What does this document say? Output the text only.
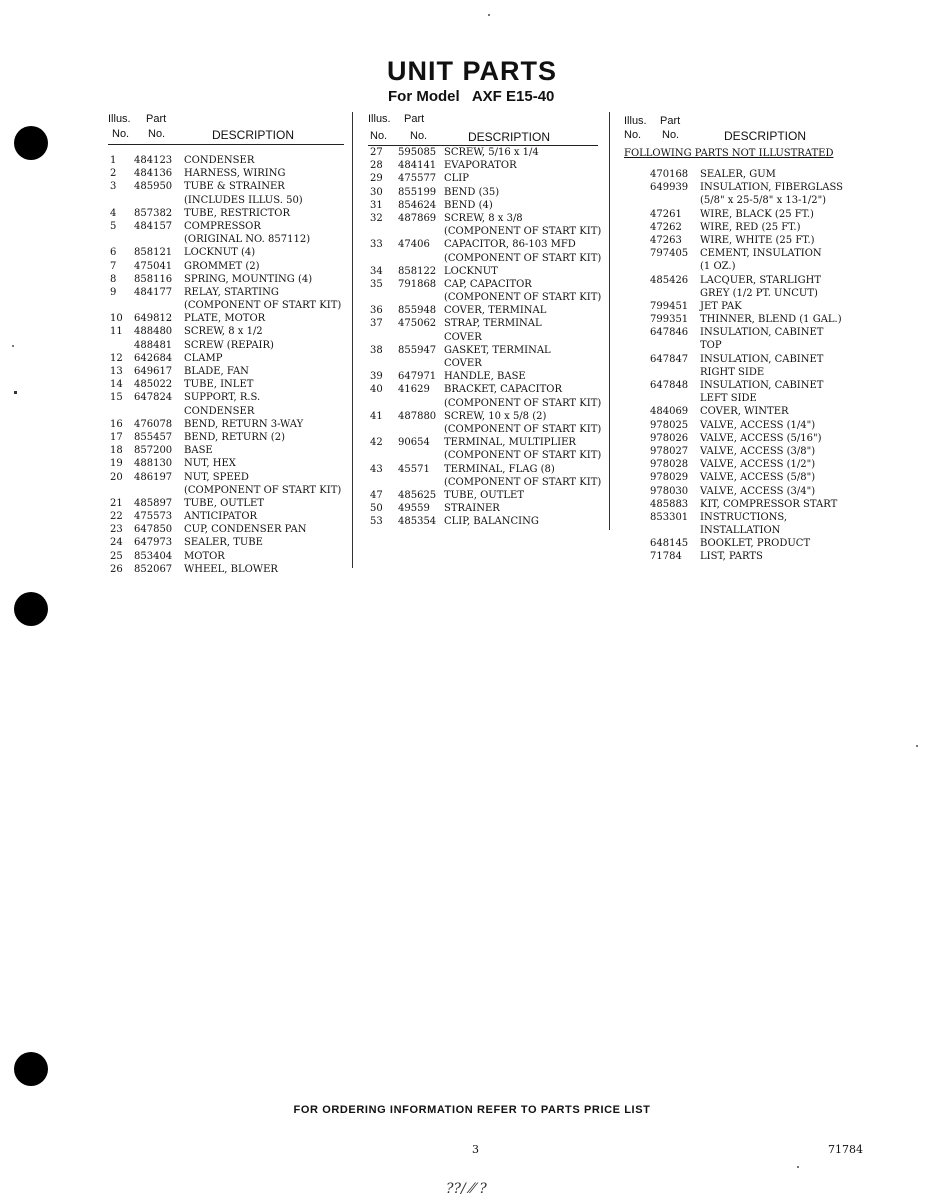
UNIT PARTS
For Model AXF E15-40
Illus. Part
No. No.	DESCRIPTION
1 484123 CONDENSER
2 484136 HARNESS, WIRING
3 485950 TUBE & STRAINER
(INCLUDES ILLUS. 50)
4 857382 TUBE, RESTRICTOR
5 484157 COMPRESSOR
(ORIGINAL NO. 857112)
6 858121 LOCKNUT (4)
7 475041 GROMMET (2)
8 858116 SPRING, MOUNTING (4)
9 484177 RELAY, STARTING
(COMPONENT OF START KIT)
10 649812 PLATE, MOTOR
11 488480 SCREW, 8 x 1/2
488481 SCREW (REPAIR)
12 642684 CLAMP
13 649617 BLADE, FAN
14 485022 TUBE, INLET
15 647824 SUPPORT, R.S.
CONDENSER
16 476078 BEND, RETURN 3-WAY
17 855457 BEND, RETURN (2)
18 857200 BASE
19 488130 NUT, HEX
20 486197 NUT, SPEED
(COMPONENT OF START KIT)
21 485897 TUBE, OUTLET
22 475573 ANTICIPATOR
23 647850 CUP, CONDENSER PAN
24 647973 SEALER, TUBE
25 853404 MOTOR
26 852067 WHEEL, BLOWER
Illus. Part
No. No.	DESCRIPTION
27 595085 SCREW, 5/16 x 1/4
28 484141 EVAPORATOR
29 475577 CLIP
30 855199 BEND (35)
31 854624 BEND (4)
32 487869 SCREW, 8 x 3/8
(COMPONENT OF START KIT)
33 47406 CAPACITOR, 86-103 MFD
(COMPONENT OF START KIT)
34 858122 LOCKNUT
35 791868 CAP, CAPACITOR
(COMPONENT OF START KIT)
36 855948 COVER, TERMINAL
37 475062 STRAP, TERMINAL
COVER
38 855947 GASKET, TERMINAL
COVER
39 647971 HANDLE, BASE
40 41629 BRACKET, CAPACITOR
(COMPONENT OF START KIT)
41 487880 SCREW, 10 x 5/8 (2)
(COMPONENT OF START KIT)
42 90654 TERMINAL, MULTIPLIER
(COMPONENT OF START KIT)
43 45571 TERMINAL, FLAG (8)
(COMPONENT OF START KIT)
47 485625 TUBE, OUTLET
50 49559 STRAINER
53 485354 CLIP, BALANCING
Illus. Part
No. No.	DESCRIPTION
FOLLOWING PARTS NOT ILLUSTRATED
470168 SEALER, GUM
649939 INSULATION, FIBERGLASS
(5/8" x 25-5/8" x 13-1/2")
47261 WIRE, BLACK (25 FT.)
47262 WIRE, RED (25 FT.)
47263 WIRE, WHITE (25 FT.)
797405 CEMENT, INSULATION
(1 OZ.)
485426 LACQUER, STARLIGHT
GREY (1/2 PT. UNCUT)
799451 JET PAK
799351 THINNER, BLEND (1 GAL.)
647846 INSULATION, CABINET
TOP
647847 INSULATION, CABINET
RIGHT SIDE
647848 INSULATION, CABINET
LEFT SIDE
484069 COVER, WINTER
978025 VALVE, ACCESS (1/4")
978026 VALVE, ACCESS (5/16")
978027 VALVE, ACCESS (3/8")
978028 VALVE, ACCESS (1/2")
978029 VALVE, ACCESS (5/8")
978030 VALVE, ACCESS (3/4")
485883 KIT, COMPRESSOR START
853301 INSTRUCTIONS,
INSTALLATION
648145 BOOKLET, PRODUCT
71784 LIST, PARTS
FOR ORDERING INFORMATION REFER TO PARTS PRICE LIST
3	71784
??/ ⁄⁄ ?
